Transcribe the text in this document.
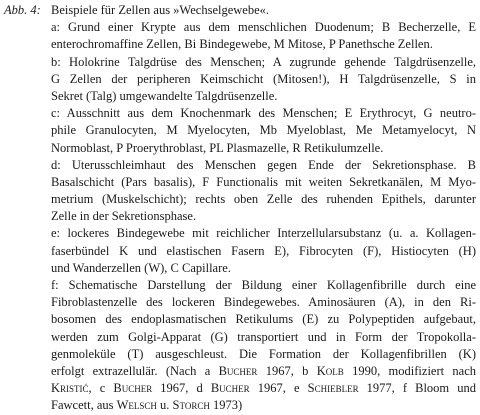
Abb. 4: Beispiele für Zellen aus »Wechselgewebe«.
a: Grund einer Krypte aus dem menschlichen Duodenum; B Becherzelle, E
enterochromaffine Zellen, Bi Bindegewebe, M Mitose, P Panethsche Zellen.
b: Holokrine Talgdrüse des Menschen; A zugrunde gehende Talgdrüsenzelle,
G Zellen der peripheren Keimschicht (Mitosen!), H Talgdrüsenzelle, S in
Sekret (Talg) umgewandelte Talgdrüsenzelle.
c: Ausschnitt aus dem Knochenmark des Menschen; E Erythrocyt, G neutro-
phile Granulocyten, M Myelocyten, Mb Myeloblast, Me Metamyelocyt, N
Normoblast, P Proerythroblast, PL Plasmazelle, R Retikulumzelle.
d: Uterusschleimhaut des Menschen gegen Ende der Sekretionsphase. B
Basalschicht (Pars basalis), F Functionalis mit weiten Sekretkanälen, M Myo-
metrium (Muskelschicht); rechts oben Zelle des ruhenden Epithels, darunter
Zelle in der Sekretionsphase.
e: lockeres Bindegewebe mit reichlicher Interzellularsubstanz (u. a. Kollagen-
faserbündel K und elastischen Fasern E), Fibrocyten (F), Histiocyten (H)
und Wanderzellen (W), C Capillare.
f: Schematische Darstellung der Bildung einer Kollagenfibrille durch eine
Fibroblastenzelle des lockeren Bindegewebes. Aminosäuren (A), in den Ri-
bosomen des endoplasmatischen Retikulums (E) zu Polypeptiden aufgebaut,
werden zum Golgi-Apparat (G) transportiert und in Form der Tropokolla-
genmoleküle (T) ausgeschleust. Die Formation der Kollagenfibrillen (K)
erfolgt extrazellulär. (Nach a Bucher 1967, b Kolb 1990, modifiziert nach
Kristić, c Bucher 1967, d Bucher 1967, e Schiebler 1977, f Bloom und
Fawcett, aus Welsch u. Storch 1973)
